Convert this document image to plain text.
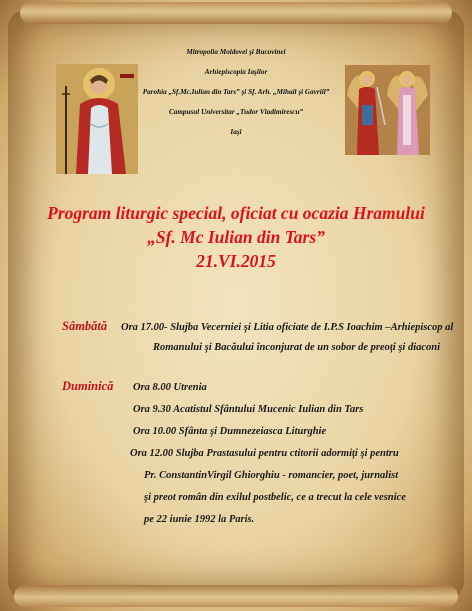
Mitropolia Moldovei şi Bucovinei
Arhiepiscopia Iaşilor
Parohia „Sf.Mc.Iulian din Tars” şi Sf. Arh. „Mihail şi Gavriil”
Campusul Universitar „Tudor Vladimirescu”
Iaşi
Program liturgic special, oficiat cu ocazia Hramului
„Sf. Mc Iulian din Tars”
21.VI.2015
Sâmbătă Ora 17.00- Slujba Vecerniei şi Litia oficiate de I.P.S Ioachim –Arhiepiscop al
Romanului şi Bacăului înconjurat de un sobor de preoţi şi diaconi
Duminică Ora 8.00 Utrenia
Ora 9.30 Acatistul Sfântului Mucenic Iulian din Tars
Ora 10.00 Sfânta şi Dumnezeiasca Liturghie
Ora 12.00 Slujba Prastasului pentru ctitorii adormiţi şi pentru
Pr. ConstantinVirgil Ghiorghiu - romancier, poet, jurnalist
şi preot român din exilul postbelic, ce a trecut la cele vesnice
pe 22 iunie 1992 la Paris.
